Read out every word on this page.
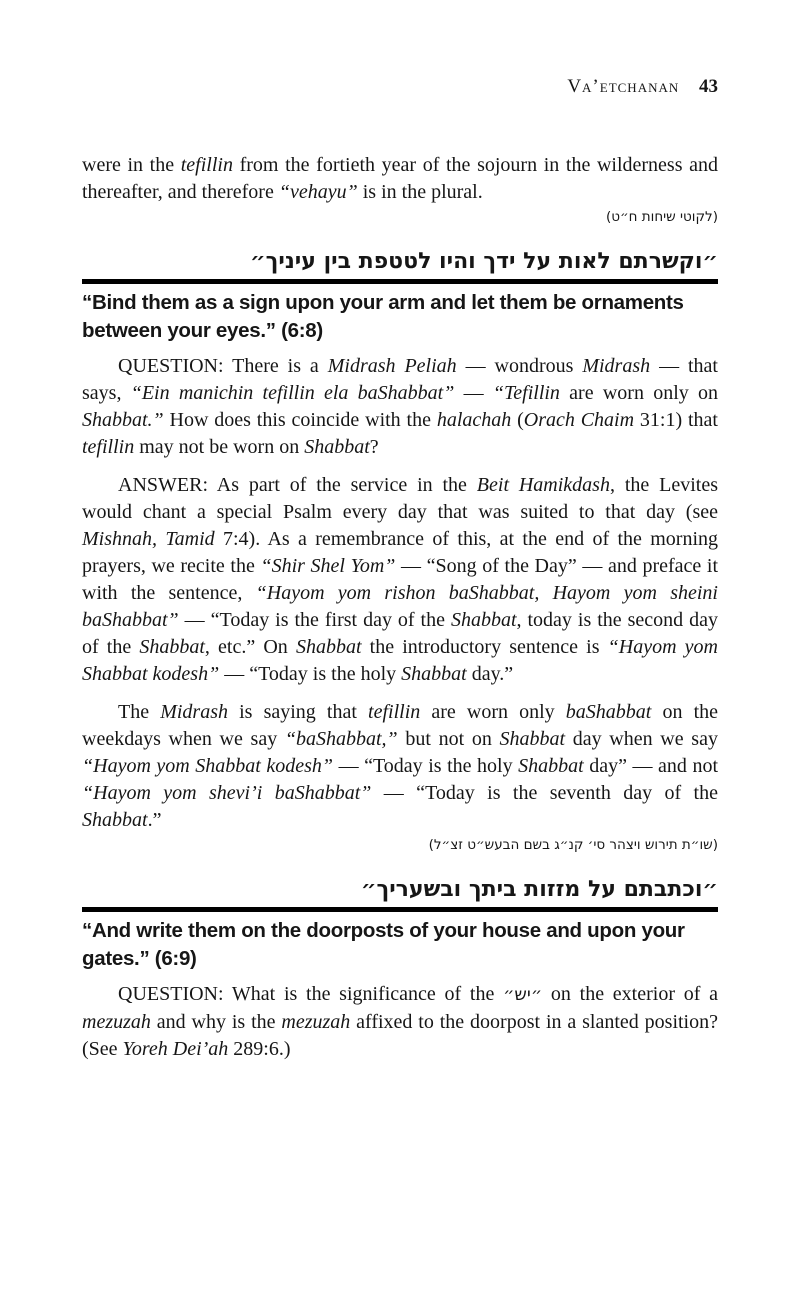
Va’etchanan 43

were in the tefillin from the fortieth year of the sojourn in the wilderness and thereafter, and therefore “vehayu” is in the plural.

(לקוטי שיחות ח״ט)
״וקשרתם לאות על ידך והיו לטטפת בין עיניך״
“Bind them as a sign upon your arm and let them be ornaments between your eyes.” (6:8)

QUESTION: There is a Midrash Peliah — wondrous Midrash — that says, “Ein manichin tefillin ela baShabbat” — “Tefillin are worn only on Shabbat.” How does this coincide with the halachah (Orach Chaim 31:1) that tefillin may not be worn on Shabbat?

ANSWER: As part of the service in the Beit Hamikdash, the Levites would chant a special Psalm every day that was suited to that day (see Mishnah, Tamid 7:4). As a remembrance of this, at the end of the morning prayers, we recite the “Shir Shel Yom” — “Song of the Day” — and preface it with the sentence, “Hayom yom rishon baShabbat, Hayom yom sheini baShabbat” — “Today is the first day of the Shabbat, today is the second day of the Shabbat, etc.” On Shabbat the introductory sentence is “Hayom yom Shabbat kodesh” — “Today is the holy Shabbat day.”

The Midrash is saying that tefillin are worn only baShabbat on the weekdays when we say “baShabbat,” but not on Shabbat day when we say “Hayom yom Shabbat kodesh” — “Today is the holy Shabbat day” — and not “Hayom yom shevi’i baShabbat” — “Today is the seventh day of the Shabbat.”

(שו״ת תירוש ויצהר סי׳ קנ״ג בשם הבעש״ט זצ״ל)
״וכתבתם על מזזות ביתך ובשעריך״
“And write them on the doorposts of your house and upon your gates.” (6:9)

QUESTION: What is the significance of the ״שי״ on the exterior of a mezuzah and why is the mezuzah affixed to the doorpost in a slanted position? (See Yoreh Dei’ah 289:6.)
